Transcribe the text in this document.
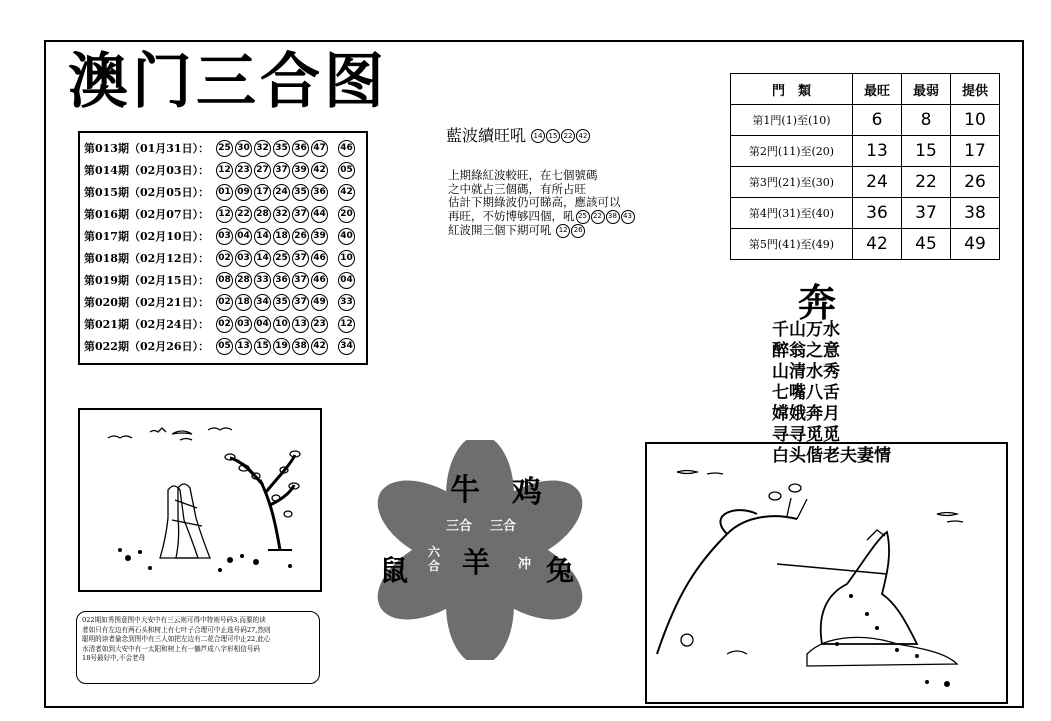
澳门三合图
第013期（01月31日）：	25 30 32 35 36 47 46
第014期（02月03日）：	12 23 27 37 39 42 05
第015期（02月05日）：	01 09 17 24 35 36 42
第016期（02月07日）：	12 22 28 32 37 44 20
第017期（02月10日）：	03 04 14 18 26 39 40
第018期（02月12日）：	02 03 14 25 37 46 10
第019期（02月15日）：	08 28 33 36 37 46 04
第020期（02月21日）：	02 18 34 35 37 49 33
第021期（02月24日）：	02 03 04 10 13 23 12
第022期（02月26日）：	05 13 15 19 38 42 34
藍波續旺吼	14 15 22 42
上期綠紅波較旺，在七個號碼
之中就占三個碼，有所占旺
估計下期綠波仍可睇高，應該可以
再旺，不妨博够四個，吼 25 22 38 43
紅波開三個下期可吼 12 26
門　類	最旺	最弱	提供
第1門(1)至(10)	6	8	10
第2門(11)至(20)	13	15	17
第3門(21)至(30)	24	22	26
第4門(31)至(40)	36	37	38
第5門(41)至(49)	42	45	49
奔
千山万水
醉翁之意
山清水秀
七嘴八舌
嫦娥奔月
寻寻觅觅
白头偕老夫妻情
牛 鸡
鼠 羊 兔
三合 三合
六合	冲
022期如秀图意图中大安中有三云则可得中特则号码3,而要的读
者如只有左边有两石头和树上有七叶子合理可中止选号码27,然则
聪明的读者偷念到图中有三人如把左边有二花合理可中止22,此心
水清者如到大安中有一太阳和树上有一躺芦成八字形相信号码
18号最好中,不会老母
